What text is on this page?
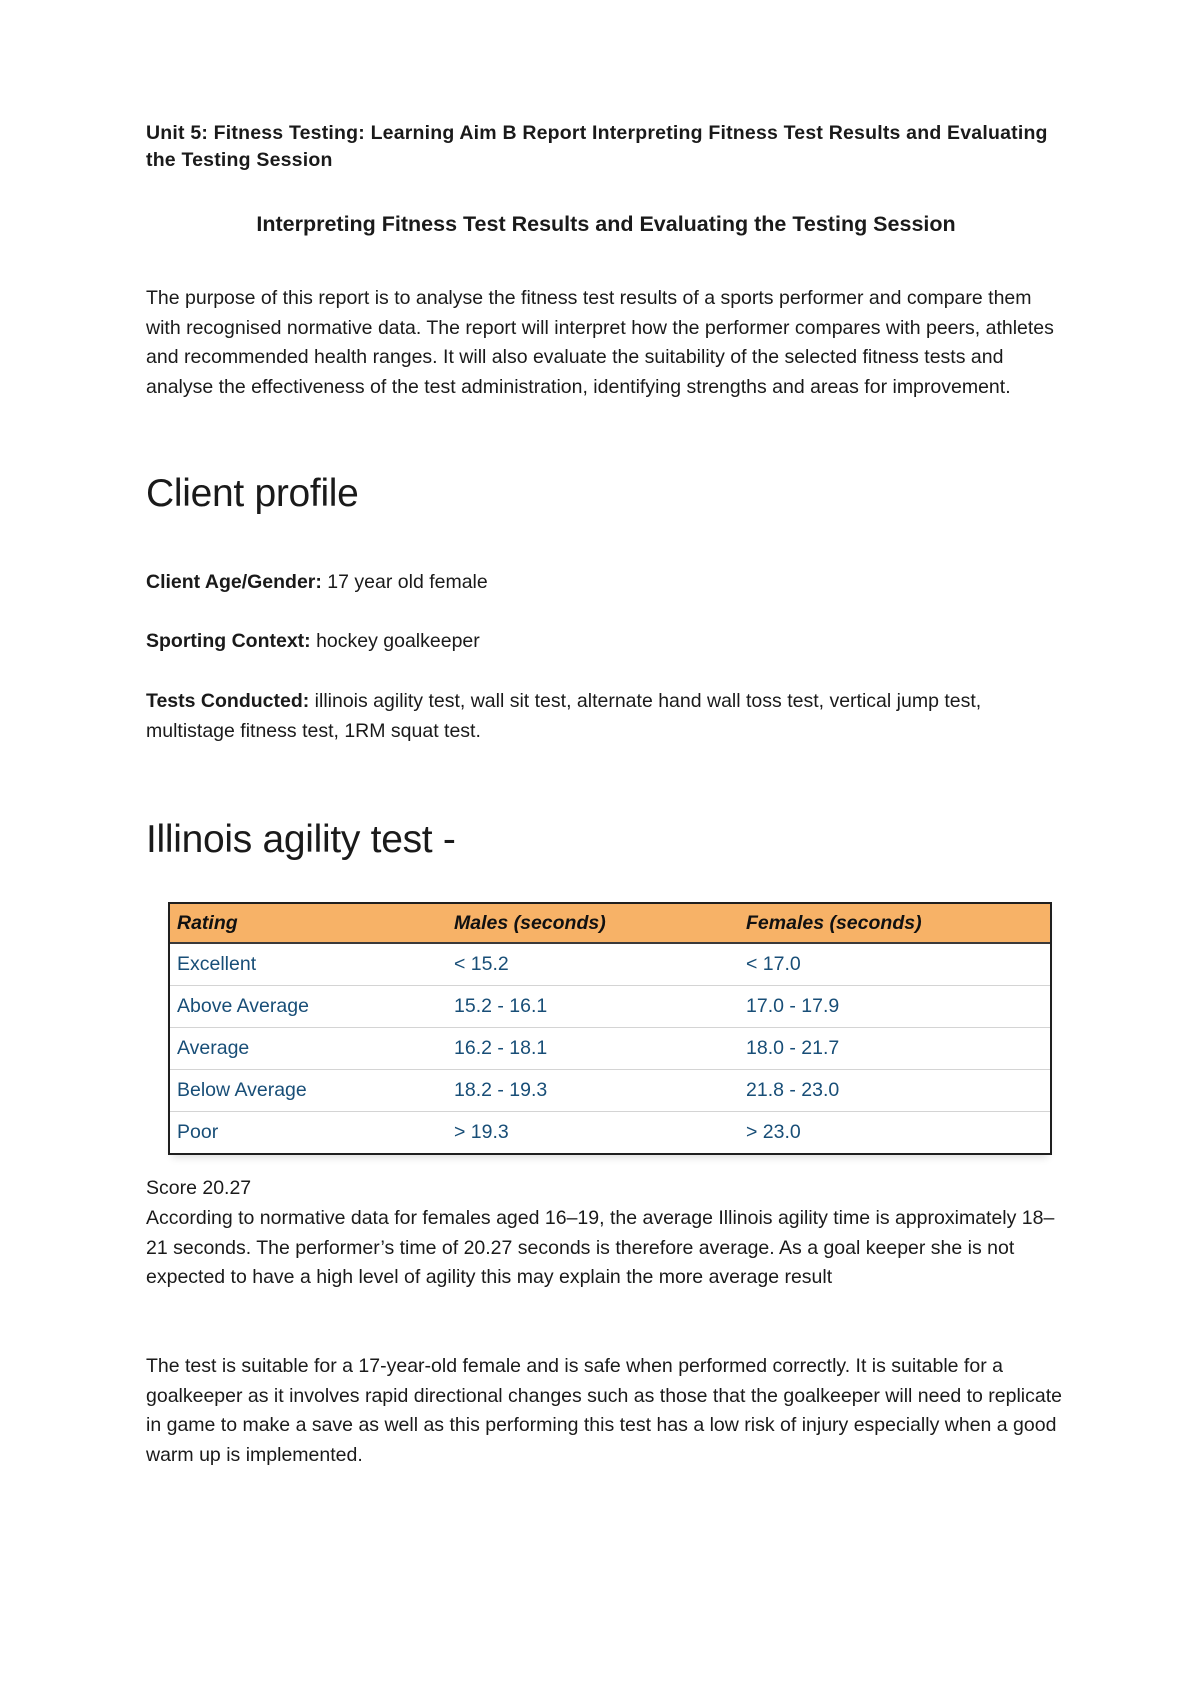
Unit 5: Fitness Testing: Learning Aim B Report Interpreting Fitness Test Results and Evaluating the Testing Session

Interpreting Fitness Test Results and Evaluating the Testing Session

The purpose of this report is to analyse the fitness test results of a sports performer and compare them with recognised normative data. The report will interpret how the performer compares with peers, athletes and recommended health ranges. It will also evaluate the suitability of the selected fitness tests and analyse the effectiveness of the test administration, identifying strengths and areas for improvement.

Client profile

Client Age/Gender: 17 year old female

Sporting Context: hockey goalkeeper

Tests Conducted: illinois agility test, wall sit test, alternate hand wall toss test, vertical jump test, multistage fitness test, 1RM squat test.

Illinois agility test -
Rating	Males (seconds)	Females (seconds)
Excellent	< 15.2	< 17.0
Above Average	15.2 - 16.1	17.0 - 17.9
Average	16.2 - 18.1	18.0 - 21.7
Below Average	18.2 - 19.3	21.8 - 23.0
Poor	> 19.3	> 23.0

Score 20.27

According to normative data for females aged 16–19, the average Illinois agility time is approximately 18–21 seconds. The performer’s time of 20.27 seconds is therefore average. As a goal keeper she is not expected to have a high level of agility this may explain the more average result

The test is suitable for a 17-year-old female and is safe when performed correctly. It is suitable for a goalkeeper as it involves rapid directional changes such as those that the goalkeeper will need to replicate in game to make a save as well as this performing this test has a low risk of injury especially when a good warm up is implemented.
